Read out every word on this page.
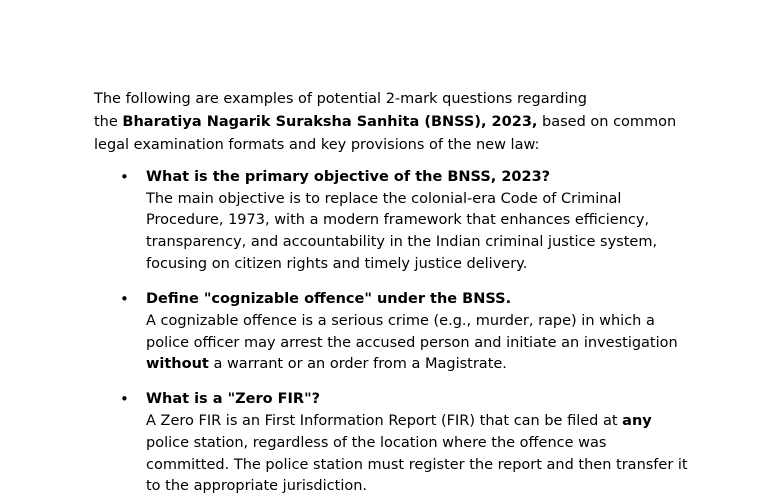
The following are examples of potential 2-mark questions regarding
the Bharatiya Nagarik Suraksha Sanhita (BNSS), 2023, based on common
legal examination formats and key provisions of the new law:

• What is the primary objective of the BNSS, 2023?
The main objective is to replace the colonial-era Code of Criminal Procedure, 1973, with a modern framework that enhances efficiency, transparency, and accountability in the Indian criminal justice system, focusing on citizen rights and timely justice delivery.
• Define "cognizable offence" under the BNSS.
A cognizable offence is a serious crime (e.g., murder, rape) in which a police officer may arrest the accused person and initiate an investigation without a warrant or an order from a Magistrate.
• What is a "Zero FIR"?
A Zero FIR is an First Information Report (FIR) that can be filed at any police station, regardless of the location where the offence was committed. The police station must register the report and then transfer it to the appropriate jurisdiction.
